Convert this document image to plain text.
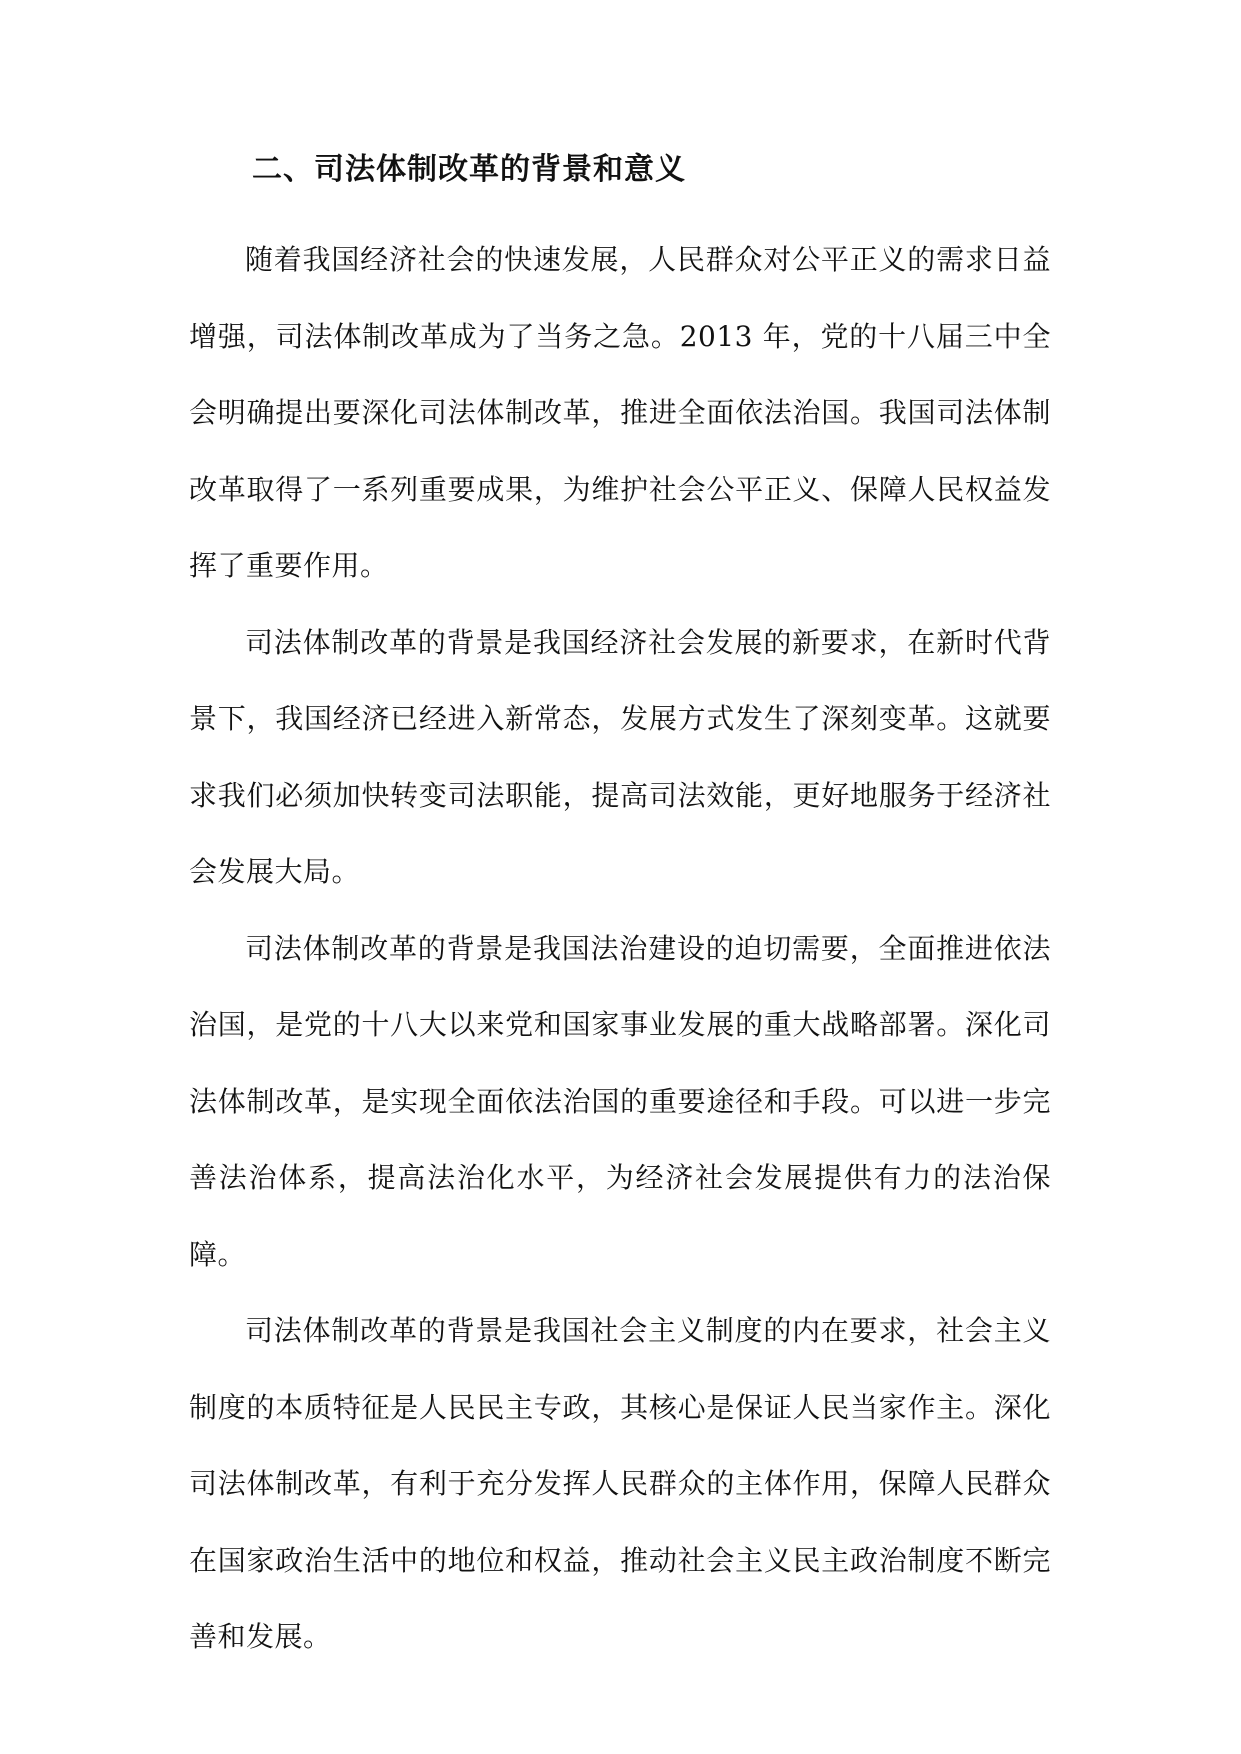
二、司法体制改革的背景和意义

随着我国经济社会的快速发展，人民群众对公平正义的需求日益增强，司法体制改革成为了当务之急。2013 年，党的十八届三中全会明确提出要深化司法体制改革，推进全面依法治国。我国司法体制改革取得了一系列重要成果，为维护社会公平正义、保障人民权益发挥了重要作用。

司法体制改革的背景是我国经济社会发展的新要求，在新时代背景下，我国经济已经进入新常态，发展方式发生了深刻变革。这就要求我们必须加快转变司法职能，提高司法效能，更好地服务于经济社会发展大局。

司法体制改革的背景是我国法治建设的迫切需要，全面推进依法治国，是党的十八大以来党和国家事业发展的重大战略部署。深化司法体制改革，是实现全面依法治国的重要途径和手段。可以进一步完善法治体系，提高法治化水平，为经济社会发展提供有力的法治保障。

司法体制改革的背景是我国社会主义制度的内在要求，社会主义制度的本质特征是人民民主专政，其核心是保证人民当家作主。深化司法体制改革，有利于充分发挥人民群众的主体作用，保障人民群众在国家政治生活中的地位和权益，推动社会主义民主政治制度不断完善和发展。
